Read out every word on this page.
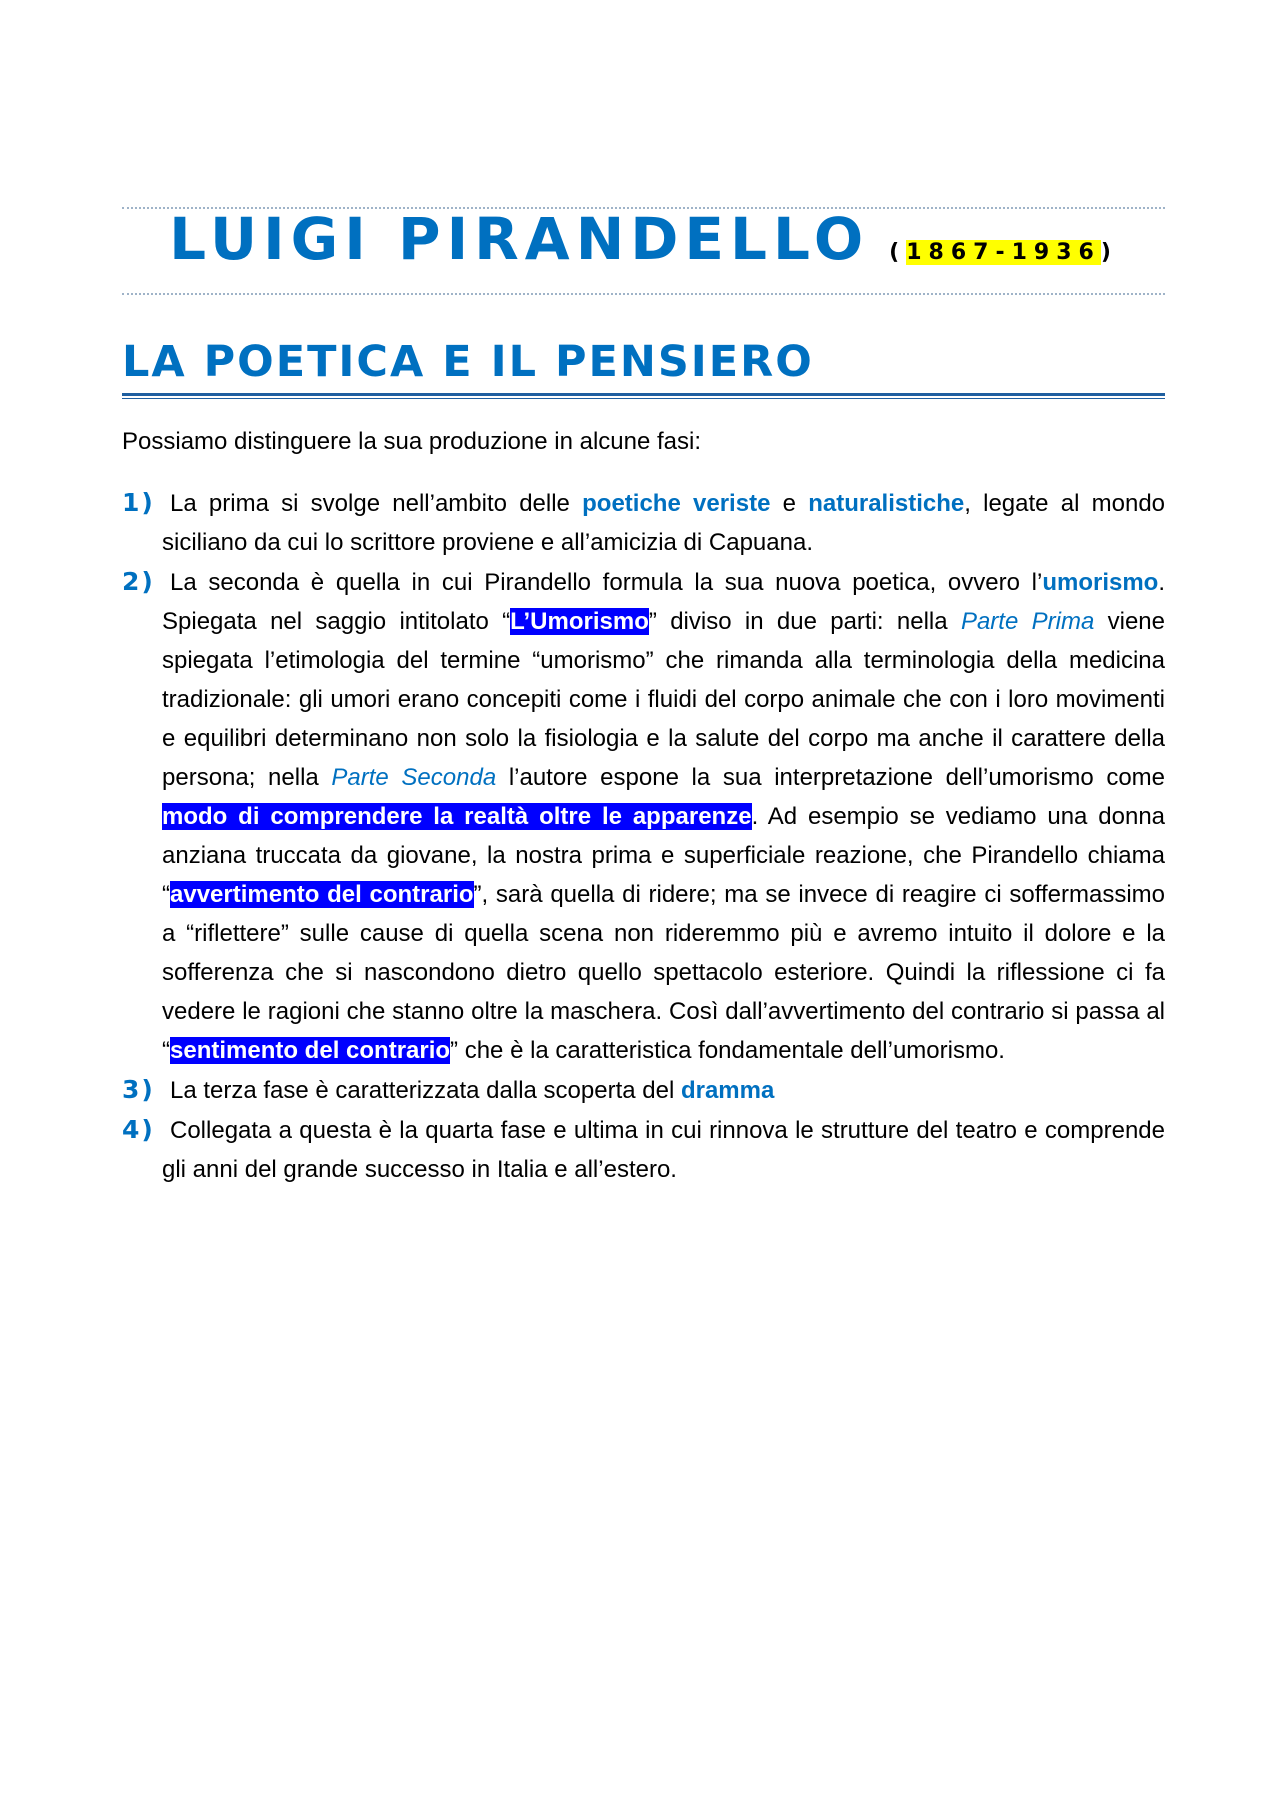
LUIGI PIRANDELLO (1867-1936)
LA POETICA E IL PENSIERO

Possiamo distinguere la sua produzione in alcune fasi:

1) La prima si svolge nell’ambito delle poetiche veriste e naturalistiche, legate al mondo siciliano da cui lo scrittore proviene e all’amicizia di Capuana.
2) La seconda è quella in cui Pirandello formula la sua nuova poetica, ovvero l’umorismo. Spiegata nel saggio intitolato “L’Umorismo” diviso in due parti: nella Parte Prima viene spiegata l’etimologia del termine “umorismo” che rimanda alla terminologia della medicina tradizionale: gli umori erano concepiti come i fluidi del corpo animale che con i loro movimenti e equilibri determinano non solo la fisiologia e la salute del corpo ma anche il carattere della persona; nella Parte Seconda l’autore espone la sua interpretazione dell’umorismo come modo di comprendere la realtà oltre le apparenze. Ad esempio se vediamo una donna anziana truccata da giovane, la nostra prima e superficiale reazione, che Pirandello chiama “avvertimento del contrario”, sarà quella di ridere; ma se invece di reagire ci soffermassimo a “riflettere” sulle cause di quella scena non rideremmo più e avremo intuito il dolore e la sofferenza che si nascondono dietro quello spettacolo esteriore. Quindi la riflessione ci fa vedere le ragioni che stanno oltre la maschera. Così dall’avvertimento del contrario si passa al “sentimento del contrario” che è la caratteristica fondamentale dell’umorismo.
3) La terza fase è caratterizzata dalla scoperta del dramma
4) Collegata a questa è la quarta fase e ultima in cui rinnova le strutture del teatro e comprende gli anni del grande successo in Italia e all’estero.
